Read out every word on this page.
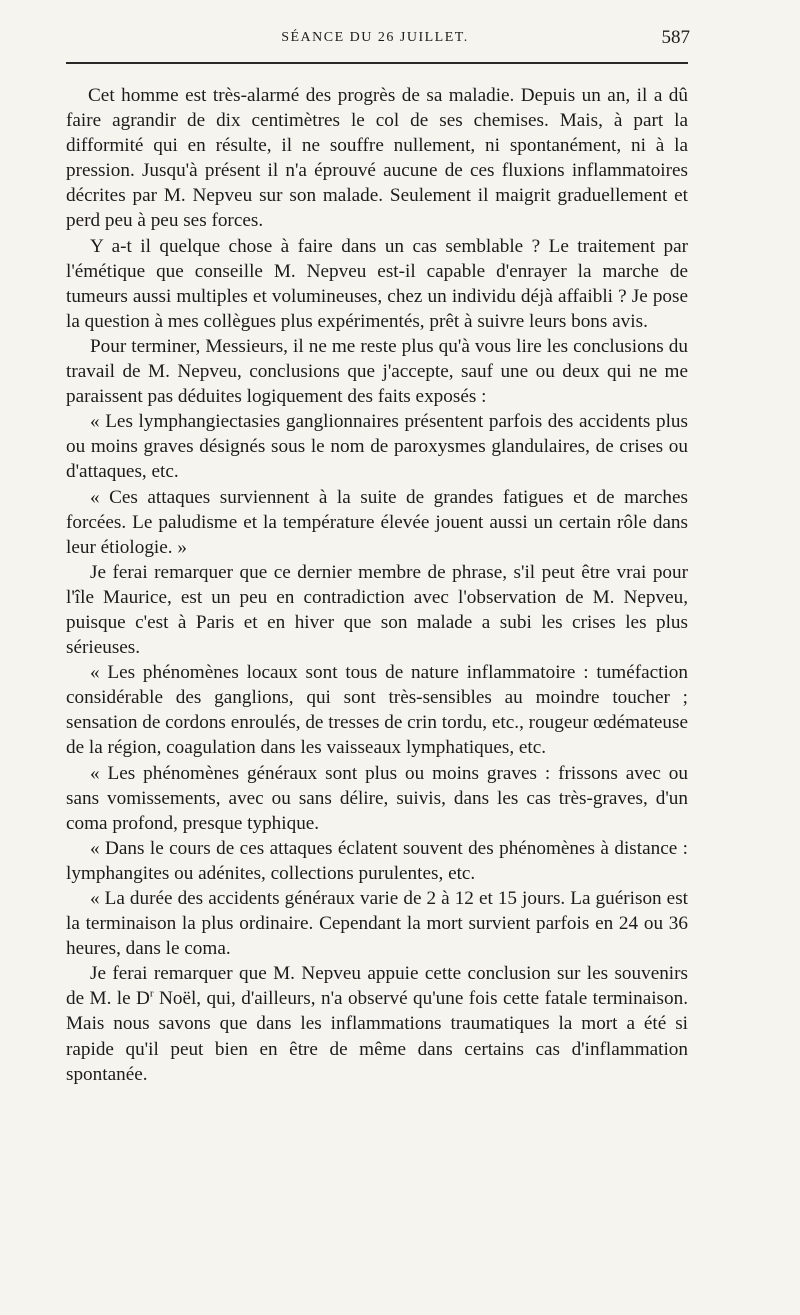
SÉANCE DU 26 JUILLET.	587

Cet homme est très-alarmé des progrès de sa maladie. Depuis un an, il a dû faire agrandir de dix centimètres le col de ses chemises. Mais, à part la difformité qui en résulte, il ne souffre nullement, ni spontanément, ni à la pression. Jusqu'à présent il n'a éprouvé aucune de ces fluxions inflammatoires décrites par M. Nepveu sur son malade. Seulement il maigrit graduellement et perd peu à peu ses forces.

Y a-t il quelque chose à faire dans un cas semblable ? Le traitement par l'émétique que conseille M. Nepveu est-il capable d'enrayer la marche de tumeurs aussi multiples et volumineuses, chez un individu déjà affaibli ? Je pose la question à mes collègues plus expérimentés, prêt à suivre leurs bons avis.

Pour terminer, Messieurs, il ne me reste plus qu'à vous lire les conclusions du travail de M. Nepveu, conclusions que j'accepte, sauf une ou deux qui ne me paraissent pas déduites logiquement des faits exposés :

« Les lymphangiectasies ganglionnaires présentent parfois des accidents plus ou moins graves désignés sous le nom de paroxysmes glandulaires, de crises ou d'attaques, etc.

« Ces attaques surviennent à la suite de grandes fatigues et de marches forcées. Le paludisme et la température élevée jouent aussi un certain rôle dans leur étiologie. »

Je ferai remarquer que ce dernier membre de phrase, s'il peut être vrai pour l'île Maurice, est un peu en contradiction avec l'observation de M. Nepveu, puisque c'est à Paris et en hiver que son malade a subi les crises les plus sérieuses.

« Les phénomènes locaux sont tous de nature inflammatoire : tuméfaction considérable des ganglions, qui sont très-sensibles au moindre toucher ; sensation de cordons enroulés, de tresses de crin tordu, etc., rougeur œdémateuse de la région, coagulation dans les vaisseaux lymphatiques, etc.

« Les phénomènes généraux sont plus ou moins graves : frissons avec ou sans vomissements, avec ou sans délire, suivis, dans les cas très-graves, d'un coma profond, presque typhique.

« Dans le cours de ces attaques éclatent souvent des phénomènes à distance : lymphangites ou adénites, collections purulentes, etc.

« La durée des accidents généraux varie de 2 à 12 et 15 jours. La guérison est la terminaison la plus ordinaire. Cependant la mort survient parfois en 24 ou 36 heures, dans le coma.

Je ferai remarquer que M. Nepveu appuie cette conclusion sur les souvenirs de M. le $D^r$ Noël, qui, d'ailleurs, n'a observé qu'une fois cette fatale terminaison. Mais nous savons que dans les inflammations traumatiques la mort a été si rapide qu'il peut bien en être de même dans certains cas d'inflammation spontanée.
